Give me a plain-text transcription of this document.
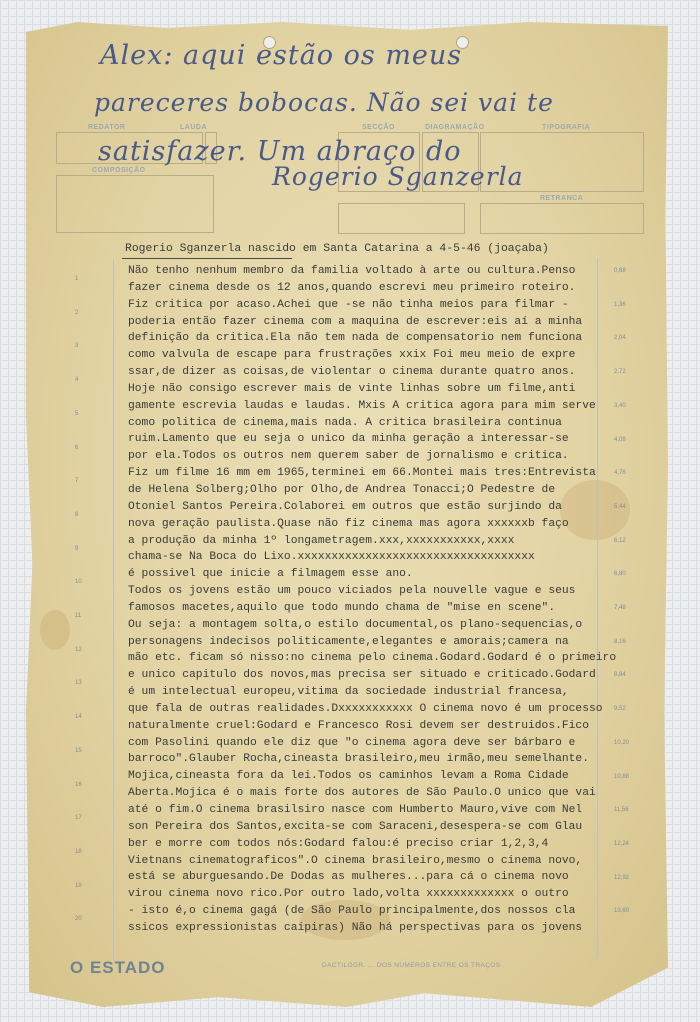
REDATOR	LAUDA
COMPOSIÇÃO
SECÇÃO	DIAGRAMAÇÃO	TIPOGRAFIA
RETRANCA
Alex: aqui estão os meus
pareceres bobocas. Não sei vai te
satisfazer. Um abraço do
Rogerio Sganzerla
Rogerio Sganzerla nascido em Santa Catarina a 4-5-46 (joaçaba)
1
2
3
4
5
6
7
8
9
10
11
12
13
14
15
16
17
18
19
20
0,68
1,36
2,04
2,72
3,40
4,08
4,76
5,44
6,12
6,80
7,48
8,16
8,84
9,52
10,20
10,88
11,56
12,24
12,92
13,60
Não tenho nenhum membro da familia voltado à arte ou cultura.Penso
fazer cinema desde os 12 anos,quando escrevi meu primeiro roteiro.
Fiz critica por acaso.Achei que -se não tinha meios para filmar -
poderia então fazer cinema com a maquina de escrever:eis aí a minha
definição da critica.Ela não tem nada de compensatorio nem funciona
como valvula de escape para frustrações xxix Foi meu meio de expre
ssar,de dizer as coisas,de violentar o cinema durante quatro anos.
Hoje não consigo escrever mais de vinte linhas sobre um filme,anti
gamente escrevia laudas e laudas. Mxis A critica agora para mim serve
como politica de cinema,mais nada. A critica brasileira continua
ruim.Lamento que eu seja o unico da minha geração a interessar-se
por ela.Todos os outros nem querem saber de jornalismo e critica.
Fiz um filme 16 mm em 1965,terminei em 66.Montei mais tres:Entrevista
de Helena Solberg;Olho por Olho,de Andrea Tonacci;O Pedestre de
Otoniel Santos Pereira.Colaborei em outros que estão surjindo da
nova geração paulista.Quase não fiz cinema mas agora xxxxxxb faço
a produção da minha 1º longametragem.xxx,xxxxxxxxxxx,xxxx
chama-se Na Boca do Lixo.xxxxxxxxxxxxxxxxxxxxxxxxxxxxxxxxxxx
é possivel que inicie a filmagem esse ano.
Todos os jovens estão um pouco viciados pela nouvelle vague e seus
famosos macetes,aquilo que todo mundo chama de "mise en scene".
Ou seja: a montagem solta,o estilo documental,os plano-sequencias,o
personagens indecisos politicamente,elegantes e amorais;camera na
mão etc. ficam só nisso:no cinema pelo cinema.Godard.Godard é o primeiro
e unico capitulo dos novos,mas precisa ser situado e criticado.Godard
é um intelectual europeu,vitima da sociedade industrial francesa,
que fala de outras realidades.Dxxxxxxxxxxx O cinema novo é um processo
naturalmente cruel:Godard e Francesco Rosi devem ser destruidos.Fico
com Pasolini quando ele diz que "o cinema agora deve ser bárbaro e
barroco".Glauber Rocha,cineasta brasileiro,meu irmão,meu semelhante.
Mojica,cineasta fora da lei.Todos os caminhos levam a Roma Cidade
Aberta.Mojica é o mais forte dos autores de São Paulo.O unico que vai
até o fim.O cinema brasilsiro nasce com Humberto Mauro,vive com Nel
son Pereira dos Santos,excita-se com Saraceni,desespera-se com Glau
ber e morre com todos nós:Godard falou:é preciso criar 1,2,3,4
Vietnans cinematograficos".O cinema brasileiro,mesmo o cinema novo,
está se aburguesando.De Dodas as mulheres...para cá o cinema novo
virou cinema novo rico.Por outro lado,volta xxxxxxxxxxxxx o outro
- isto é,o cinema gagá (de São Paulo principalmente,dos nossos cla
ssicos expressionistas caipiras) Não há perspectivas para os jovens
O ESTADO	DACTILOGR. ... DOS NUMEROS ENTRE OS TRAÇOS
